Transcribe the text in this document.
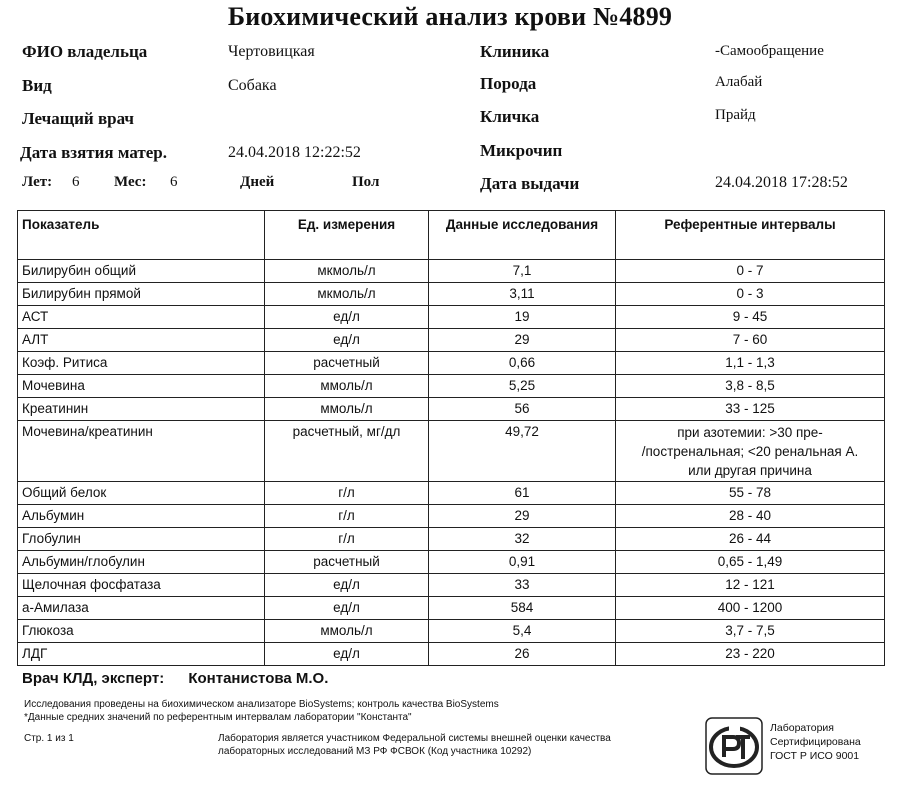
Биохимический анализ крови №4899
ФИО владельца	Чертовицкая
Вид	Собака
Лечащий врач
Дата взятия матер.	24.04.2018 12:22:52
Лет: 6 Мес: 6	Дней	Пол
Клиника	-Самообращение
Порода	Алабай
Кличка	Прайд
Микрочип
Дата выдачи	24.04.2018 17:28:52
Показатель	Ед. измерения	Данные исследования	Референтные интервалы
Билирубин общий	мкмоль/л	7,1	0 - 7
Билирубин прямой	мкмоль/л	3,11	0 - 3
АСТ	ед/л	19	9 - 45
АЛТ	ед/л	29	7 - 60
Коэф. Ритиса	расчетный	0,66	1,1 - 1,3
Мочевина	ммоль/л	5,25	3,8 - 8,5
Креатинин	ммоль/л	56	33 - 125
Мочевина/креатинин	расчетный, мг/дл	49,72	при азотемии: >30 пре-
/постренальная; <20 ренальная А.
или другая причина

Общий белок	г/л	61	55 - 78
Альбумин	г/л	29	28 - 40
Глобулин	г/л	32	26 - 44
Альбумин/глобулин	расчетный	0,91	0,65 - 1,49
Щелочная фосфатаза	ед/л	33	12 - 121
а-Амилаза	ед/л	584	400 - 1200
Глюкоза	ммоль/л	5,4	3,7 - 7,5
ЛДГ	ед/л	26	23 - 220
Врач КЛД, эксперт: Контанистова М.О.
Исследования проведены на биохимическом анализаторе BioSystems; контроль качества BioSystems
*Данные средних значений по референтным интервалам лаборатории "Константа"
Стр. 1 из 1	Лаборатория является участником Федеральной системы внешней оценки качества
лабораторных исследований МЗ РФ ФСВОК (Код участника 10292)
Лаборатория
Сертифицирована
ГОСТ Р ИСО 9001
